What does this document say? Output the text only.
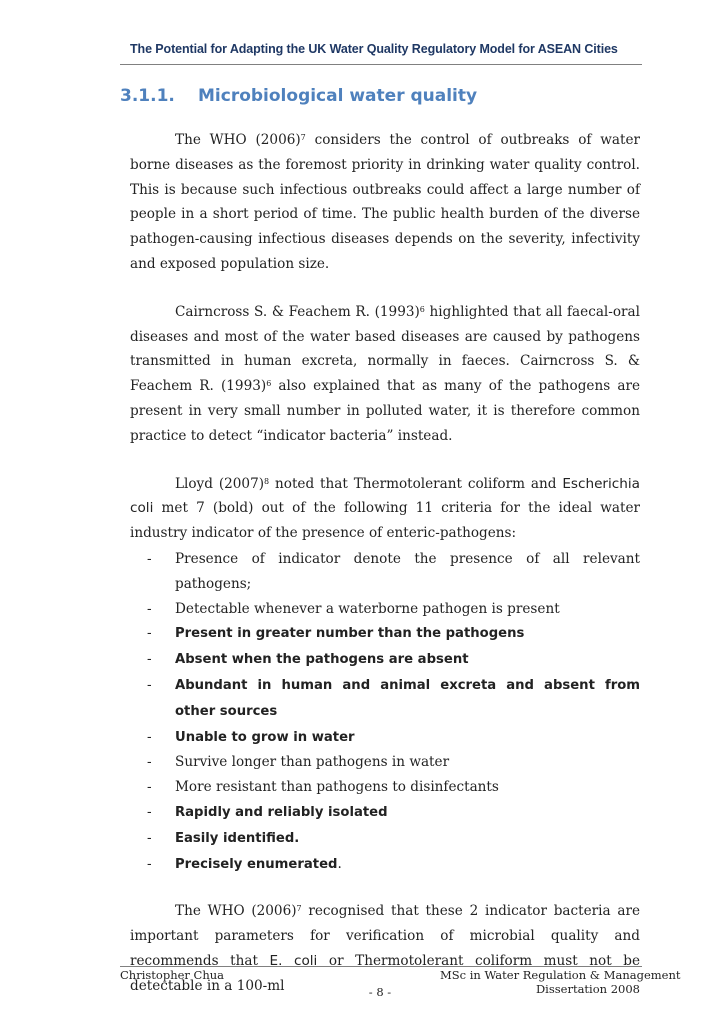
The Potential for Adapting the UK Water Quality Regulatory Model for ASEAN Cities
3.1.1. Microbiological water quality

The WHO $(2006)^7$ considers the control of outbreaks of water borne diseases as the foremost priority in drinking water quality control. This is because such infectious outbreaks could affect a large number of people in a short period of time. The public health burden of the diverse pathogen-causing infectious diseases depends on the severity, infectivity and exposed population size.

Cairncross S. & Feachem R. $(1993)^6$ highlighted that all faecal-oral diseases and most of the water based diseases are caused by pathogens transmitted in human excreta, normally in faeces. Cairncross S. & Feachem R. $(1993)^6$ also explained that as many of the pathogens are present in very small number in polluted water, it is therefore common practice to detect “indicator bacteria” instead.

Lloyd $(2007)^8$ noted that Thermotolerant coliform and Escherichia coli met 7 (bold) out of the following 11 criteria for the ideal water industry indicator of the presence of enteric-pathogens:

- Presence of indicator denote the presence of all relevant pathogens;
- Detectable whenever a waterborne pathogen is present
- Present in greater number than the pathogens
- Absent when the pathogens are absent
- Abundant in human and animal excreta and absent from other sources
- Unable to grow in water
- Survive longer than pathogens in water
- More resistant than pathogens to disinfectants
- Rapidly and reliably isolated
- Easily identified.
- Precisely enumerated.

The WHO $(2006)^7$ recognised that these 2 indicator bacteria are important parameters for verification of microbial quality and recommends that E. coli or Thermotolerant coliform must not be detectable in a 100-ml

Christopher Chua	MSc in Water Regulation & Management
Dissertation 2008
- 8 -
